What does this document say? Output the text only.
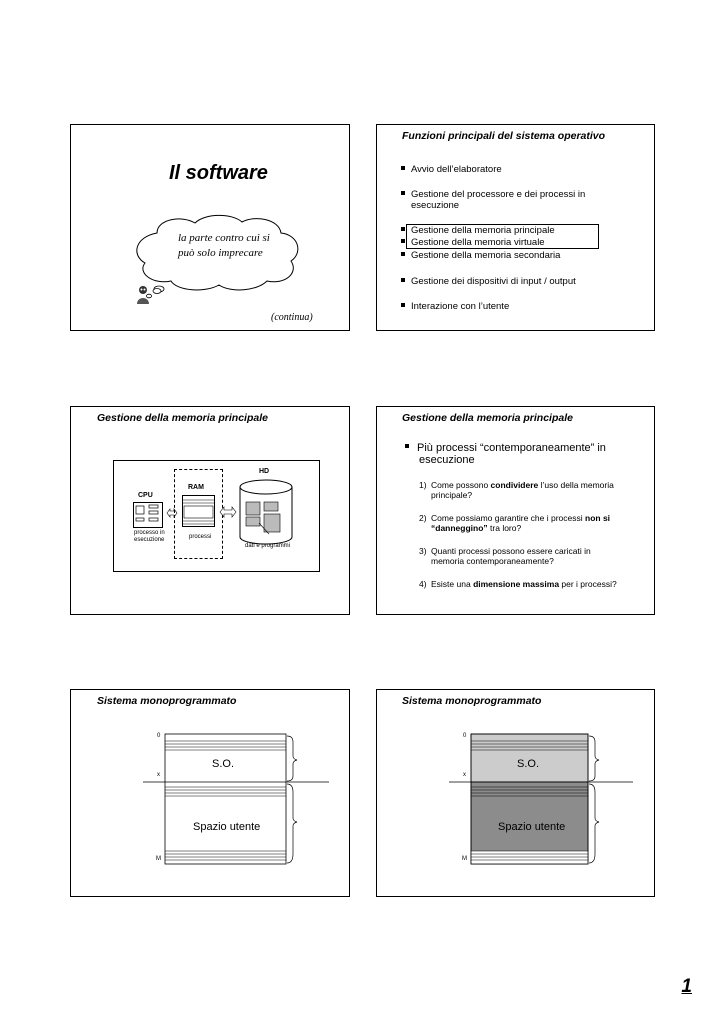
Il software
la parte contro cui si
può solo imprecare
(continua)
Funzioni principali del sistema operativo
Avvio dell’elaboratore
Gestione del processore e dei processi in
esecuzione
Gestione della memoria principale
Gestione della memoria virtuale
Gestione della memoria secondaria
Gestione dei dispositivi di input / output
Interazione con l’utente
Gestione della memoria principale
CPU
processo in
esecuzione
RAM
processi
HD
dati e programmi
Gestione della memoria principale
Più processi “contemporaneamente” in
esecuzione
1) Come possono condividere l’uso della memoria
principale?
2) Come possiamo garantire che i processi non si
“danneggino” tra loro?
3) Quanti processi possono essere caricati in
memoria contemporaneamente?
4) Esiste una dimensione massima per i processi?
Sistema monoprogrammato
0
x
M
S.O.
Spazio utente
Sistema monoprogrammato
0
x
M
S.O.
Spazio utente
1
